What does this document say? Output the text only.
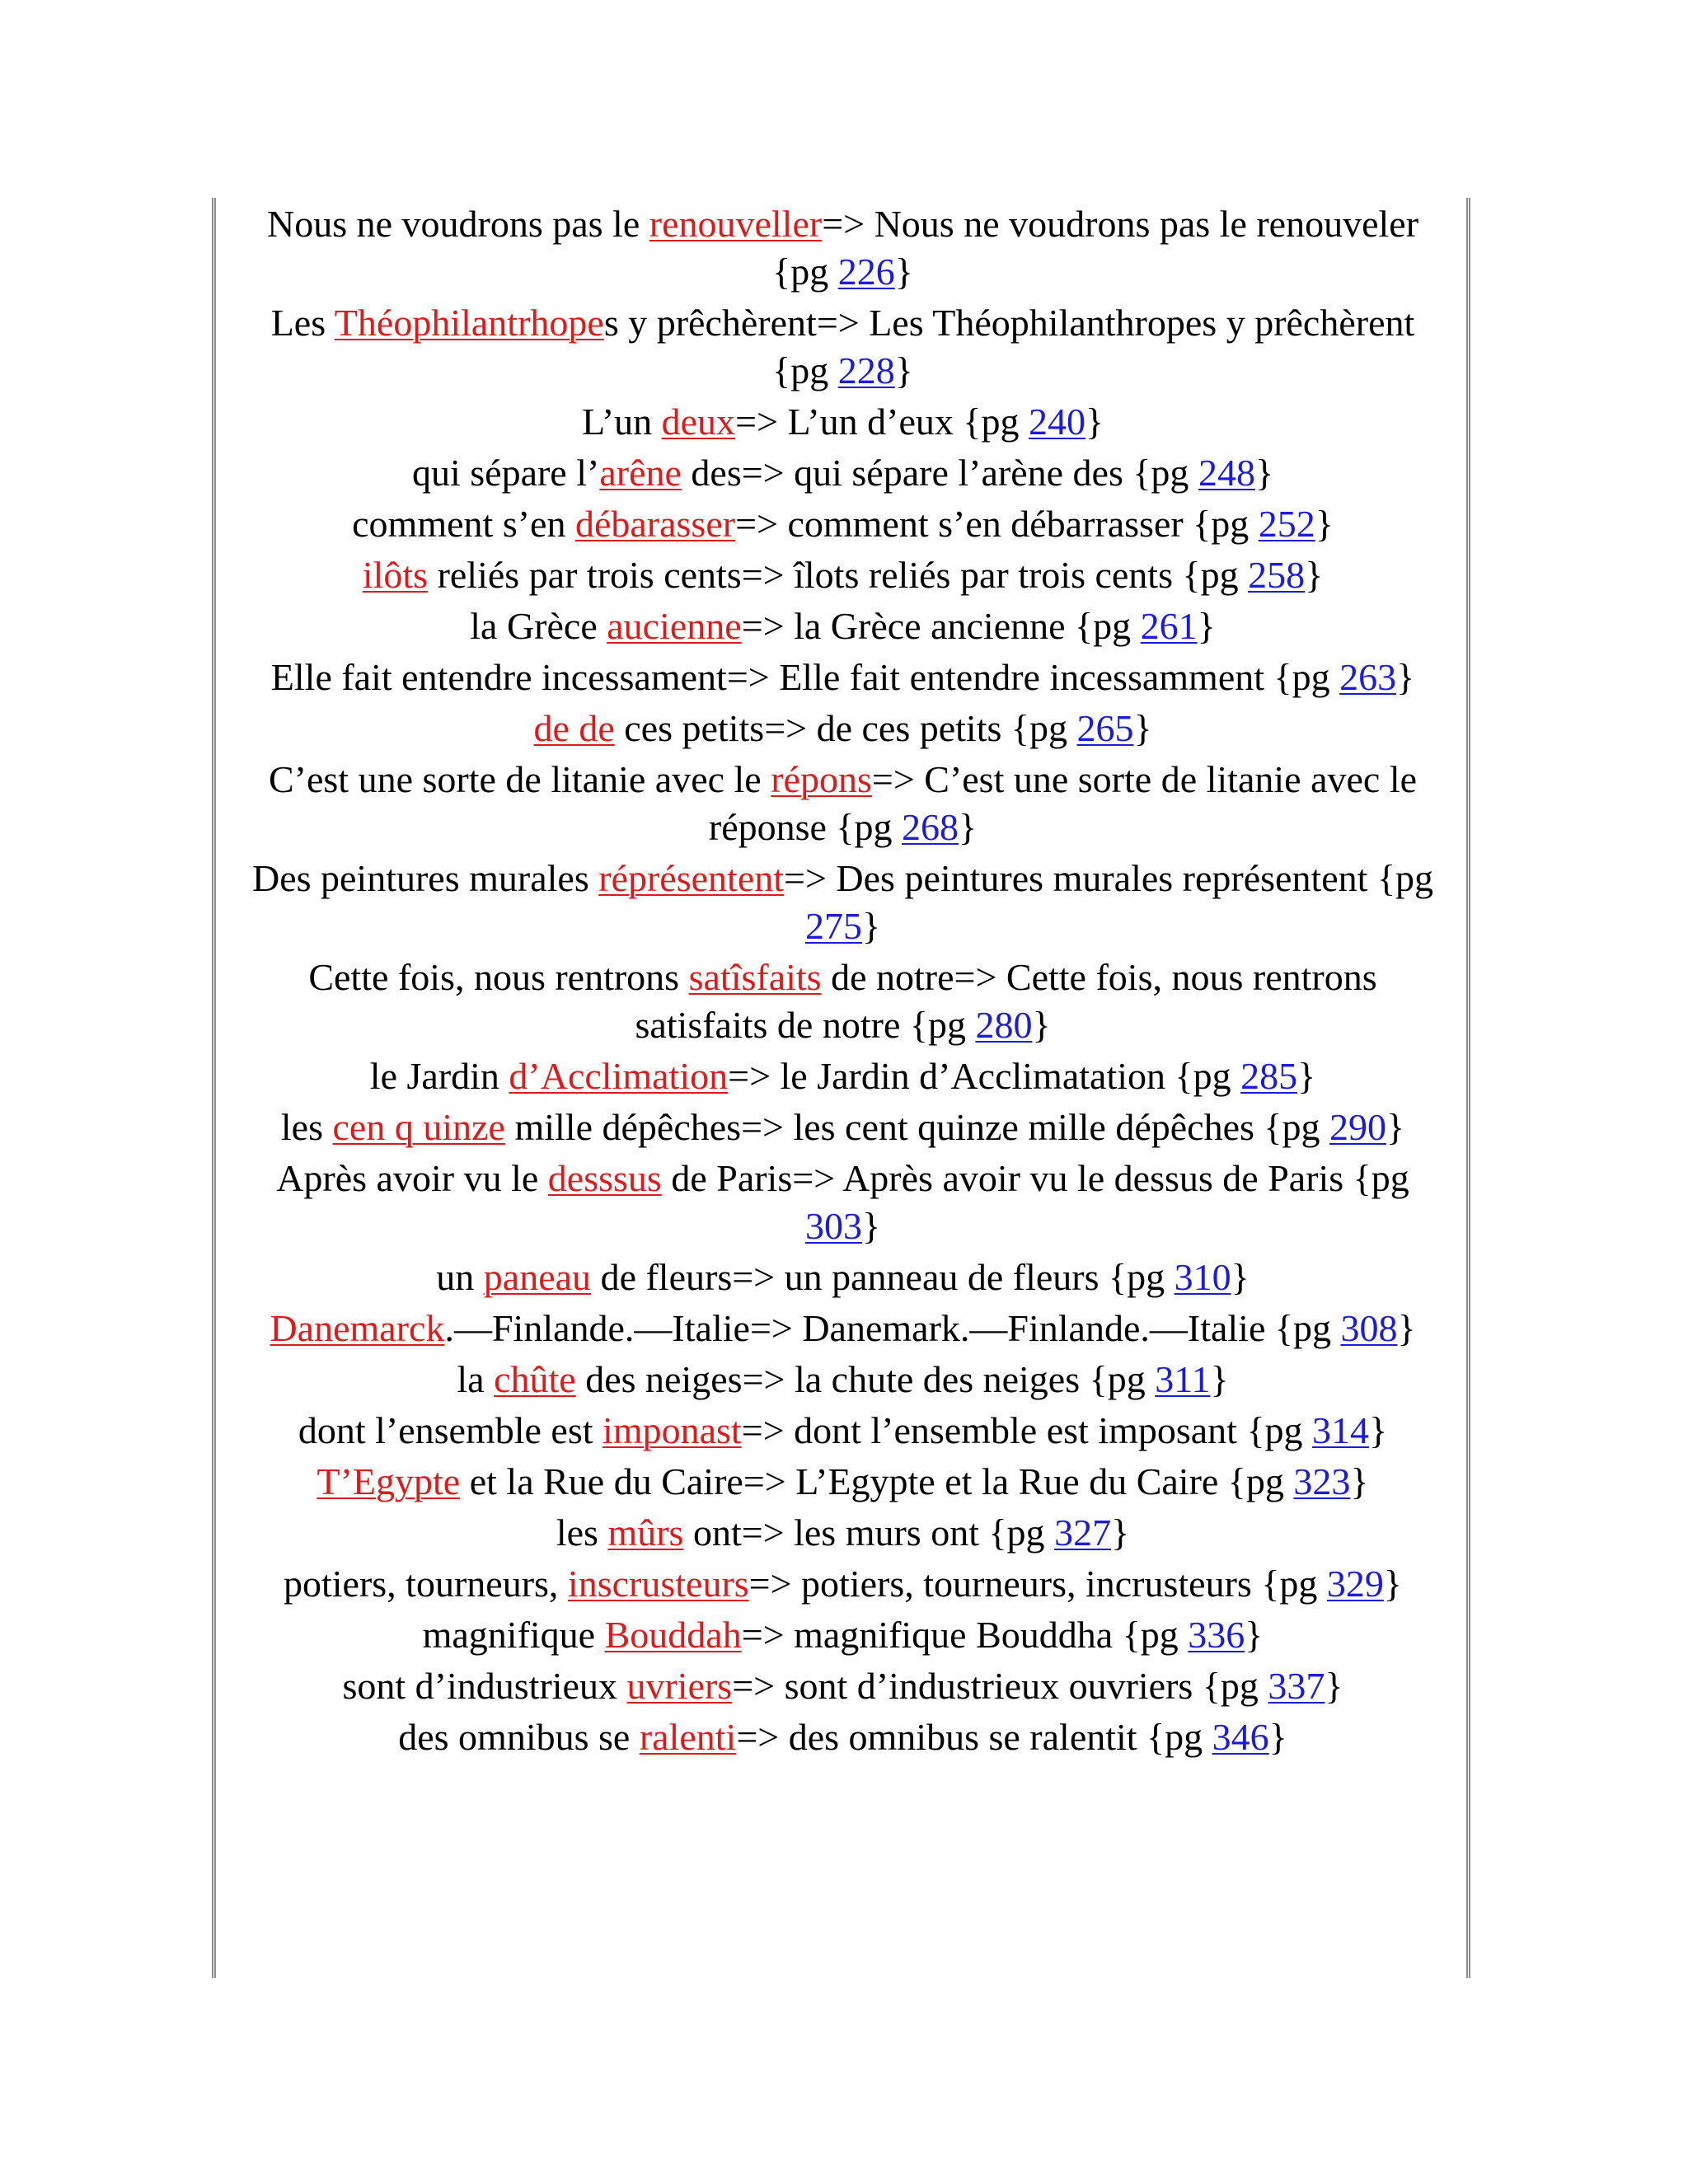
Nous ne voudrons pas le renouveller=> Nous ne voudrons pas le renouveler {pg 226}
Les Théophilantrhopes y prêchèrent=> Les Théophilanthropes y prêchèrent {pg 228}
L’un deux=> L’un d’eux {pg 240}
qui sépare l’arêne des=> qui sépare l’arène des {pg 248}
comment s’en débarasser=> comment s’en débarrasser {pg 252}
ilôts reliés par trois cents=> îlots reliés par trois cents {pg 258}
la Grèce aucienne=> la Grèce ancienne {pg 261}
Elle fait entendre incessament=> Elle fait entendre incessamment {pg 263}
de de ces petits=> de ces petits {pg 265}
C’est une sorte de litanie avec le répons=> C’est une sorte de litanie avec le réponse {pg 268}
Des peintures murales réprésentent=> Des peintures murales représentent {pg 275}
Cette fois, nous rentrons satîsfaits de notre=> Cette fois, nous rentrons satisfaits de notre {pg 280}
le Jardin d’Acclimation=> le Jardin d’Acclimatation {pg 285}
les cen q uinze mille dépêches=> les cent quinze mille dépêches {pg 290}
Après avoir vu le desssus de Paris=> Après avoir vu le dessus de Paris {pg 303}
un paneau de fleurs=> un panneau de fleurs {pg 310}
Danemarck.—Finlande.—Italie=> Danemark.—Finlande.—Italie {pg 308}
la chûte des neiges=> la chute des neiges {pg 311}
dont l’ensemble est imponast=> dont l’ensemble est imposant {pg 314}
T’Egypte et la Rue du Caire=> L’Egypte et la Rue du Caire {pg 323}
les mûrs ont=> les murs ont {pg 327}
potiers, tourneurs, inscrusteurs=> potiers, tourneurs, incrusteurs {pg 329}
magnifique Bouddah=> magnifique Bouddha {pg 336}
sont d’industrieux uvriers=> sont d’industrieux ouvriers {pg 337}
des omnibus se ralenti=> des omnibus se ralentit {pg 346}
